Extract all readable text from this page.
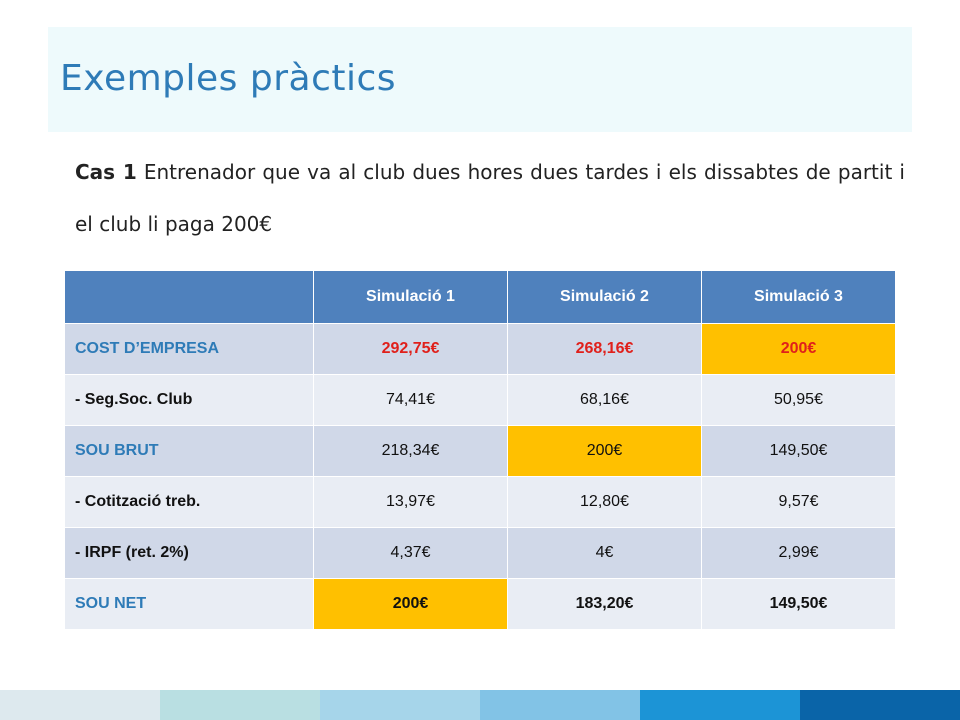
Exemples pràctics
Cas 1 Entrenador que va al club dues hores dues tardes i els dissabtes de partit i el club li paga 200€
	Simulació 1	Simulació 2	Simulació 3
COST D’EMPRESA	292,75€	268,16€	200€
- Seg.Soc. Club	74,41€	68,16€	50,95€
SOU BRUT	218,34€	200€	149,50€
- Cotització treb.	13,97€	12,80€	9,57€
- IRPF (ret. 2%)	4,37€	4€	2,99€
SOU NET	200€	183,20€	149,50€
